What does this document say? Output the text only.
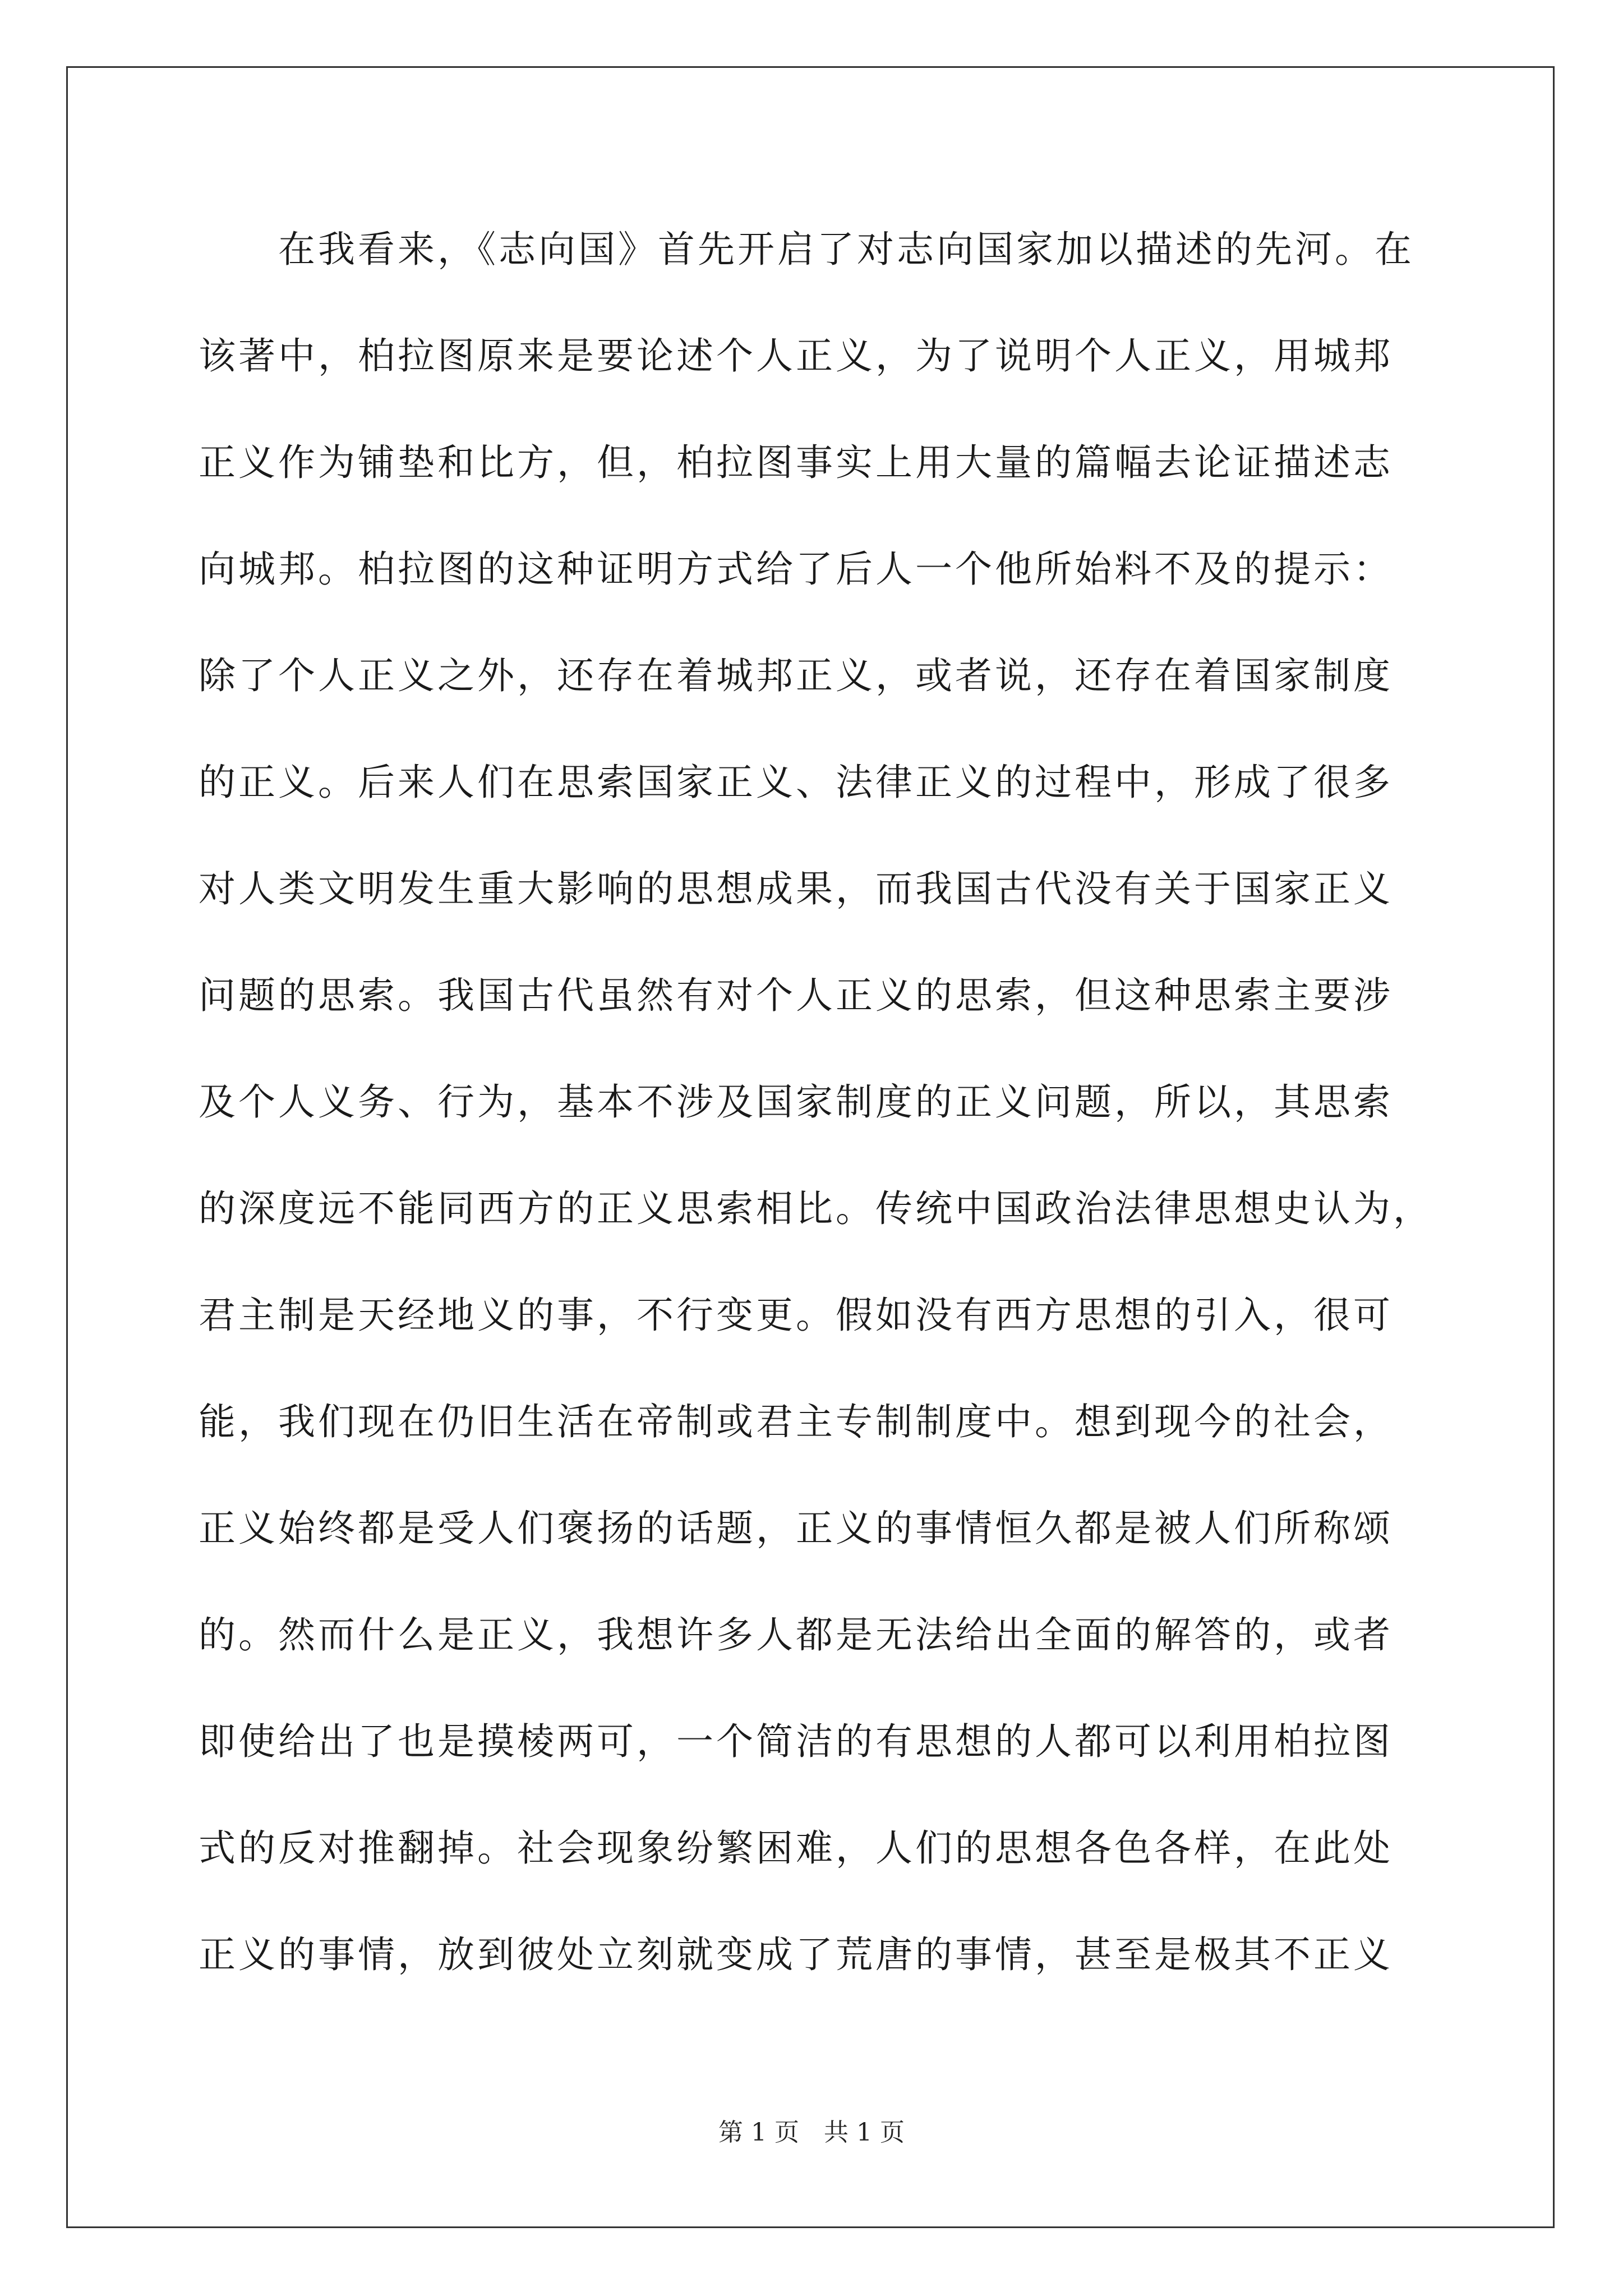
　　在我看来，《志向国》首先开启了对志向国家加以描述的先河。在
该著中，柏拉图原来是要论述个人正义，为了说明个人正义，用城邦
正义作为铺垫和比方，但，柏拉图事实上用大量的篇幅去论证描述志
向城邦。柏拉图的这种证明方式给了后人一个他所始料不及的提示：
除了个人正义之外，还存在着城邦正义，或者说，还存在着国家制度
的正义。后来人们在思索国家正义、法律正义的过程中，形成了很多
对人类文明发生重大影响的思想成果，而我国古代没有关于国家正义
问题的思索。我国古代虽然有对个人正义的思索，但这种思索主要涉
及个人义务、行为，基本不涉及国家制度的正义问题，所以，其思索
的深度远不能同西方的正义思索相比。传统中国政治法律思想史认为，
君主制是天经地义的事，不行变更。假如没有西方思想的引入，很可
能，我们现在仍旧生活在帝制或君主专制制度中。想到现今的社会，
正义始终都是受人们褒扬的话题，正义的事情恒久都是被人们所称颂
的。然而什么是正义，我想许多人都是无法给出全面的解答的，或者
即使给出了也是摸棱两可，一个简洁的有思想的人都可以利用柏拉图
式的反对推翻掉。社会现象纷繁困难，人们的思想各色各样，在此处
正义的事情，放到彼处立刻就变成了荒唐的事情，甚至是极其不正义
第 1 页　共 1 页
